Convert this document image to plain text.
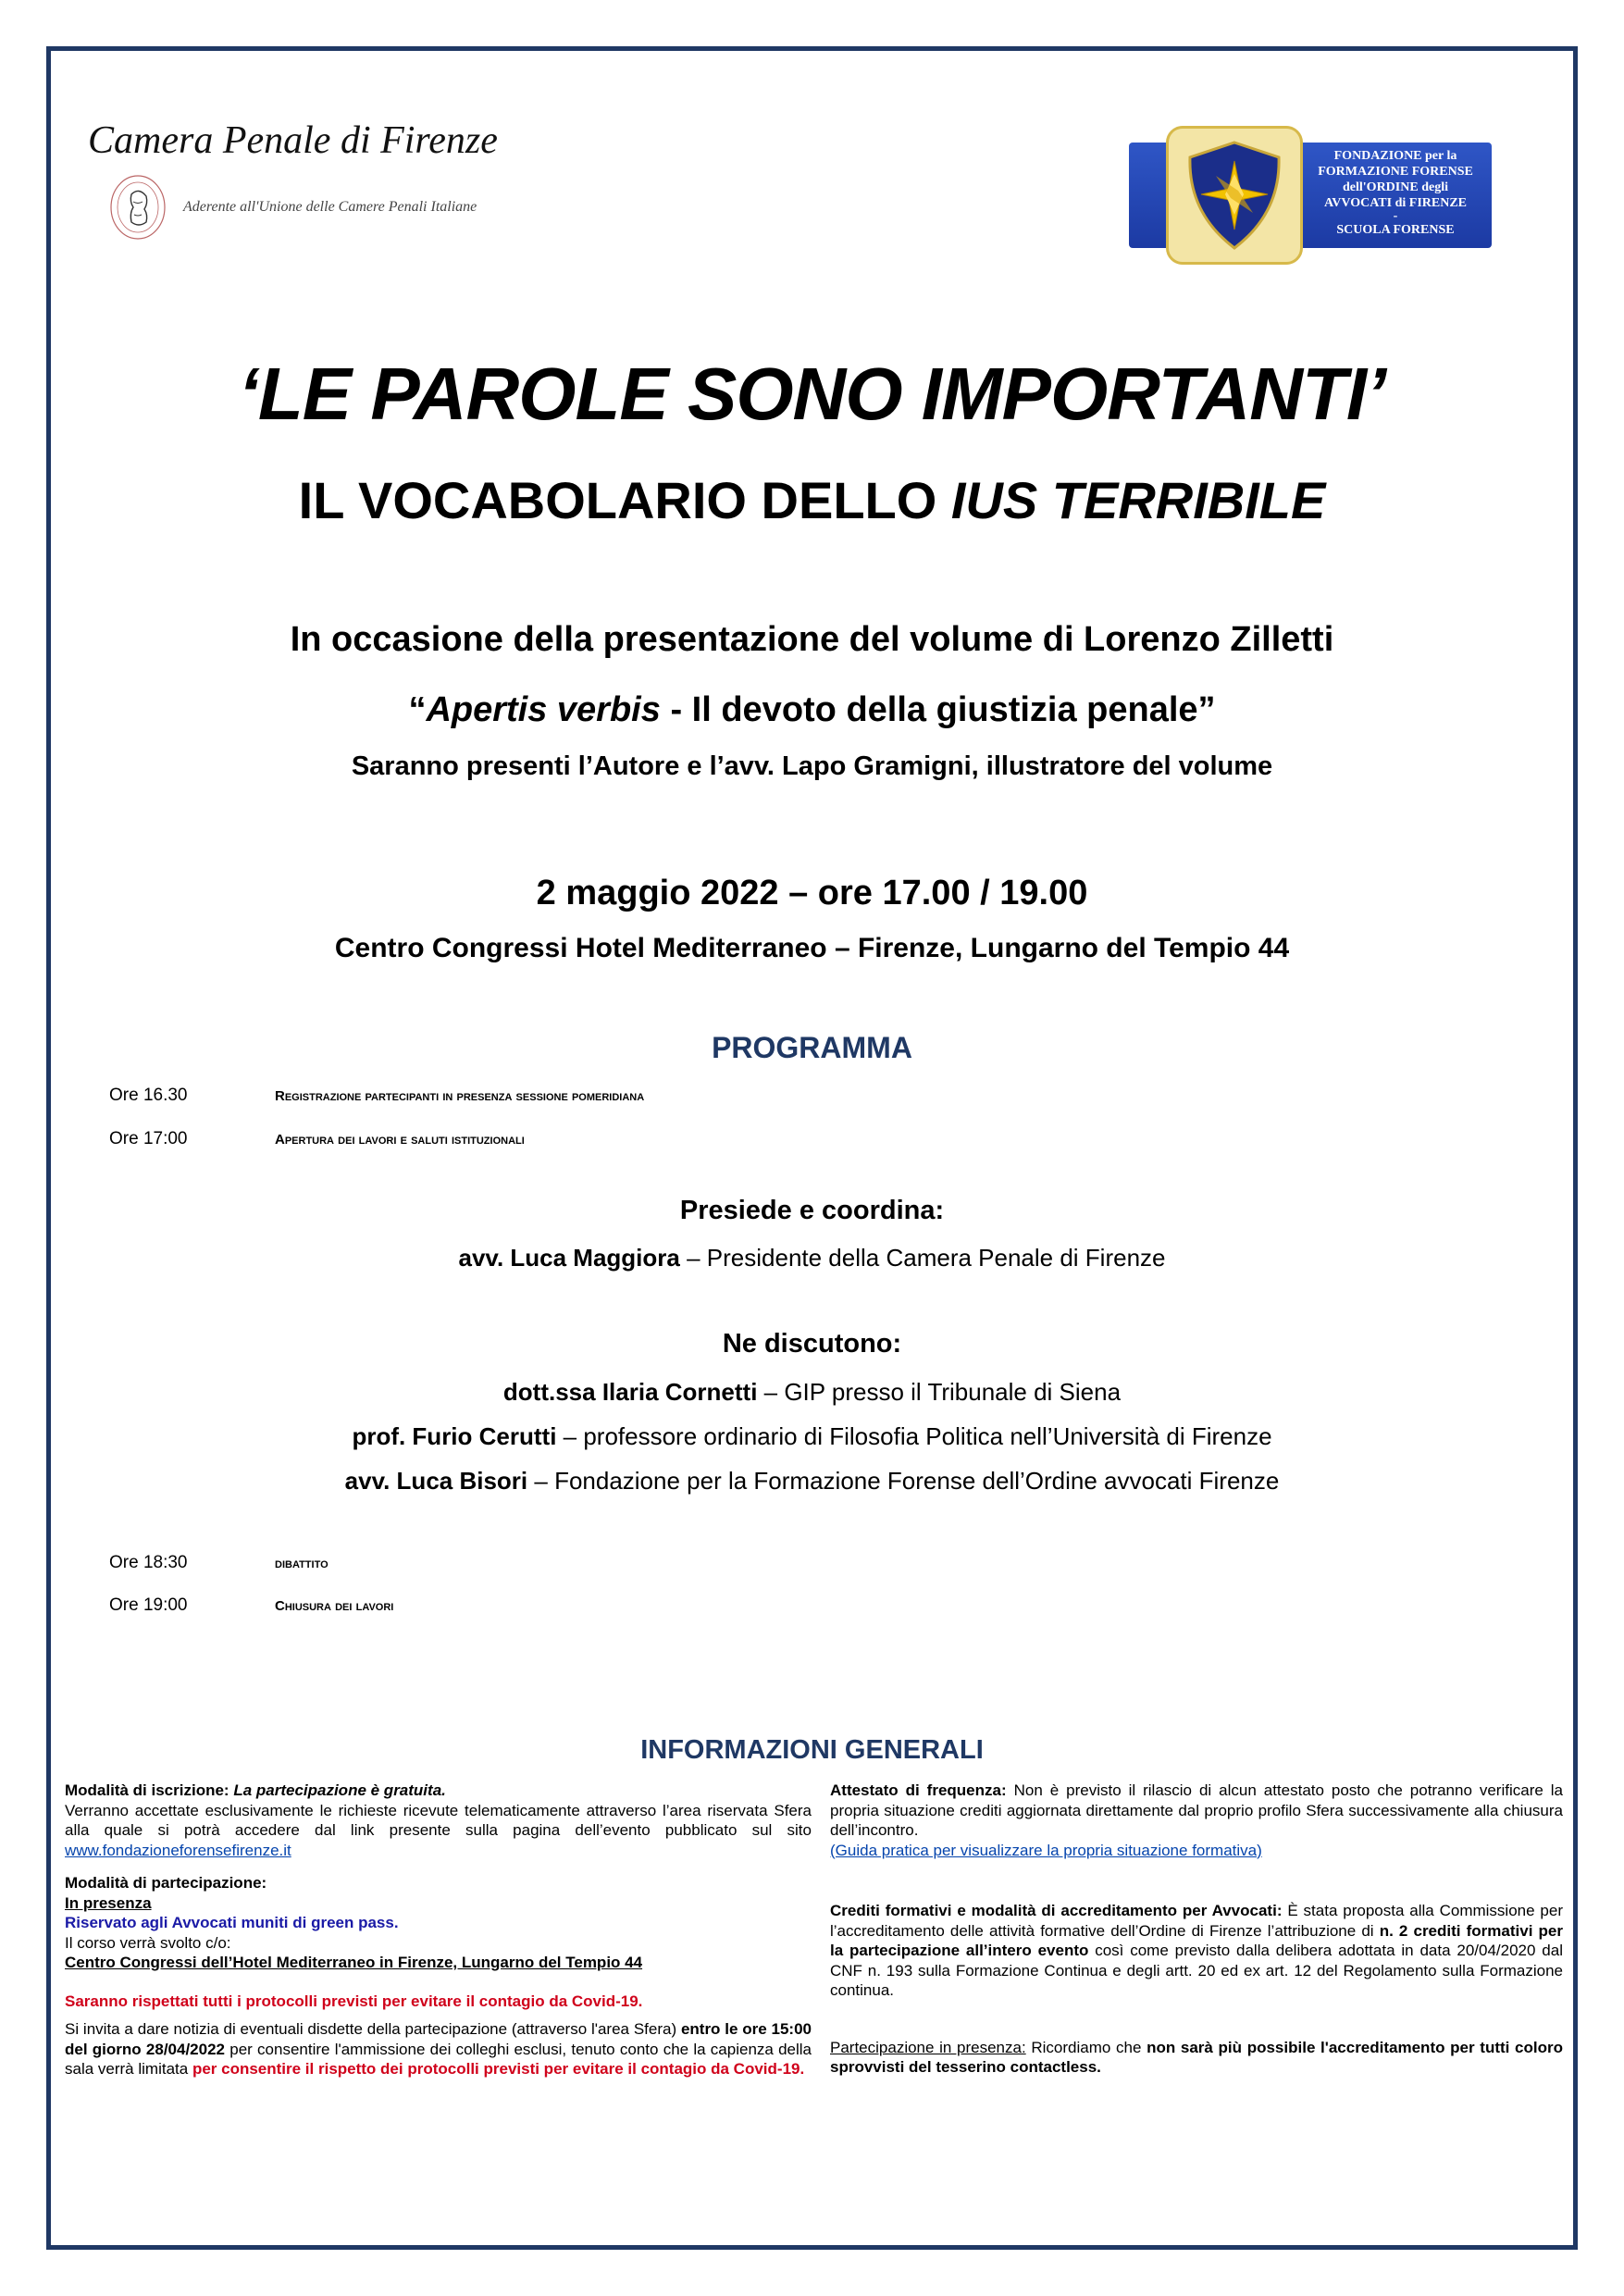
Camera Penale di Firenze
Aderente all'Unione delle Camere Penali Italiane
FONDAZIONE per la
FORMAZIONE FORENSE
dell'ORDINE degli
AVVOCATI di FIRENZE
-
SCUOLA FORENSE
‘LE PAROLE SONO IMPORTANTI’
IL VOCABOLARIO DELLO IUS TERRIBILE
In occasione della presentazione del volume di Lorenzo Zilletti
“Apertis verbis - Il devoto della giustizia penale”
Saranno presenti l’Autore e l’avv. Lapo Gramigni, illustratore del volume
2 maggio 2022 – ore 17.00 / 19.00
Centro Congressi Hotel Mediterraneo – Firenze, Lungarno del Tempio 44
PROGRAMMA
Ore 16.30	Registrazione partecipanti in presenza sessione pomeridiana
Ore 17:00	Apertura dei lavori e saluti istituzionali
Presiede e coordina:
avv. Luca Maggiora – Presidente della Camera Penale di Firenze
Ne discutono:
dott.ssa Ilaria Cornetti – GIP presso il Tribunale di Siena
prof. Furio Cerutti – professore ordinario di Filosofia Politica nell’Università di Firenze
avv. Luca Bisori – Fondazione per la Formazione Forense dell’Ordine avvocati Firenze
Ore 18:30	dibattito
Ore 19:00	Chiusura dei lavori
INFORMAZIONI GENERALI

Modalità di iscrizione: La partecipazione è gratuita.
Verranno accettate esclusivamente le richieste ricevute telematicamente attraverso l’area riservata Sfera alla quale si potrà accedere dal link presente sulla pagina dell’evento pubblicato sul sito www.fondazioneforensefirenze.it

Modalità di partecipazione:
In presenza
Riservato agli Avvocati muniti di green pass.
Il corso verrà svolto c/o:
Centro Congressi dell’Hotel Mediterraneo in Firenze, Lungarno del Tempio 44

Saranno rispettati tutti i protocolli previsti per evitare il contagio da Covid-19.

Si invita a dare notizia di eventuali disdette della partecipazione (attraverso l'area Sfera) entro le ore 15:00 del giorno 28/04/2022 per consentire l'ammissione dei colleghi esclusi, tenuto conto che la capienza della sala verrà limitata per consentire il rispetto dei protocolli previsti per evitare il contagio da Covid-19.

Attestato di frequenza: Non è previsto il rilascio di alcun attestato posto che potranno verificare la propria situazione crediti aggiornata direttamente dal proprio profilo Sfera successivamente alla chiusura dell’incontro.
(Guida pratica per visualizzare la propria situazione formativa)

Crediti formativi e modalità di accreditamento per Avvocati: È stata proposta alla Commissione per l’accreditamento delle attività formative dell’Ordine di Firenze l’attribuzione di n. 2 crediti formativi per la partecipazione all’intero evento così come previsto dalla delibera adottata in data 20/04/2020 dal CNF n. 193 sulla Formazione Continua e degli artt. 20 ed ex art. 12 del Regolamento sulla Formazione continua.

Partecipazione in presenza: Ricordiamo che non sarà più possibile l'accreditamento per tutti coloro sprovvisti del tesserino contactless.
